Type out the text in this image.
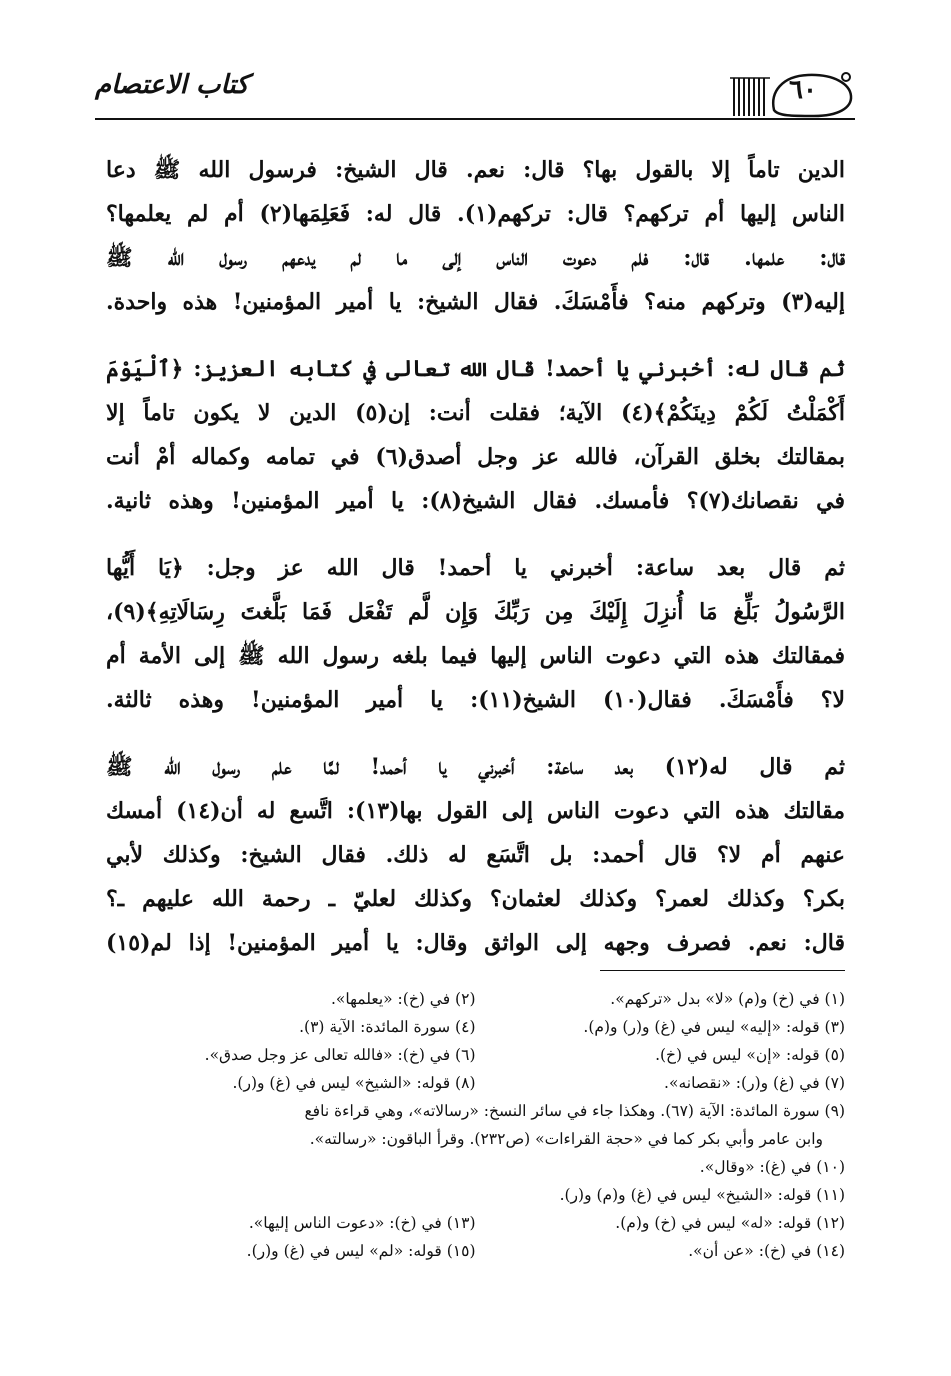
كتاب الاعتصام	٦٠
الدين تاماً إلا بالقول بها؟ قال: نعم. قال الشيخ: فرسول الله ﷺ دعا
الناس إليها أم تركهم؟ قال: تركهم(١). قال له: فَعَلِمَها(٢) أم لم يعلمها؟
قال: علمها. قال: فلم دعوت الناس إلى ما لم يدعهم رسول الله ﷺ
إليه(٣) وتركهم منه؟ فأَمْسَكَ. فقال الشيخ: يا أمير المؤمنين! هذه واحدة.
ثم قال له: أخبرني يا أحمد! قال الله تعالى في كتابه العزيز: ﴿ٱلْيَوْمَ
أَكْمَلْتُ لَكُمْ دِينَكُمْ﴾(٤) الآية؛ فقلت أنت: إن(٥) الدين لا يكون تاماً إلا
بمقالتك بخلق القرآن، فالله عز وجل أصدق(٦) في تمامه وكماله أمْ أنت
في نقصانك(٧)؟ فأمسك. فقال الشيخ(٨): يا أمير المؤمنين! وهذه ثانية.
ثم قال بعد ساعة: أخبرني يا أحمد! قال الله عز وجل: ﴿يَا أَيُّها
الرَّسُولُ بَلِّغ مَا أُنزِلَ إِلَيْكَ مِن رَبِّكَ وَإِن لَّم تَفْعَل فَمَا بَلَّغتَ رِسَالَاتِهِ﴾(٩)،
فمقالتك هذه التي دعوت الناس إليها فيما بلغه رسول الله ﷺ إلى الأمة أم
لا؟ فأَمْسَكَ. فقال(١٠) الشيخ(١١): يا أمير المؤمنين! وهذه ثالثة.
ثم قال له(١٢) بعد ساعة: أخبرني يا أحمد! لمَّا علم رسول الله ﷺ
مقالتك هذه التي دعوت الناس إلى القول بها(١٣): اتَّسع له أن(١٤) أمسك
عنهم أم لا؟ قال أحمد: بل اتَّسَع له ذلك. فقال الشيخ: وكذلك لأبي
بكر؟ وكذلك لعمر؟ وكذلك لعثمان؟ وكذلك لعليّ ـ رحمة الله عليهم ـ؟
قال: نعم. فصرف وجهه إلى الواثق وقال: يا أمير المؤمنين! إذا لم(١٥)
(١) في (خ) و(م) «لا» بدل «تركهم».
(٢) في (خ): «يعلمها».
(٣) قوله: «إليه» ليس في (غ) و(ر) و(م).
(٤) سورة المائدة: الآية (٣).
(٥) قوله: «إن» ليس في (خ).
(٦) في (خ): «فالله تعالى عز وجل صدق».
(٧) في (غ) و(ر): «نقصانه».
(٨) قوله: «الشيخ» ليس في (غ) و(ر).
(٩) سورة المائدة: الآية (٦٧). وهكذا جاء في سائر النسخ: «رسالاته»، وهي قراءة نافع
وابن عامر وأبي بكر كما في «حجة القراءات» (ص٢٣٢). وقرأ الباقون: «رسالته».
(١٠) في (غ): «وقال».
(١١) قوله: «الشيخ» ليس في (غ) و(م) و(ر).
(١٢) قوله: «له» ليس في (خ) و(م).
(١٣) في (خ): «دعوت الناس إليها».
(١٤) في (خ): «عن أن».
(١٥) قوله: «لم» ليس في (غ) و(ر).
